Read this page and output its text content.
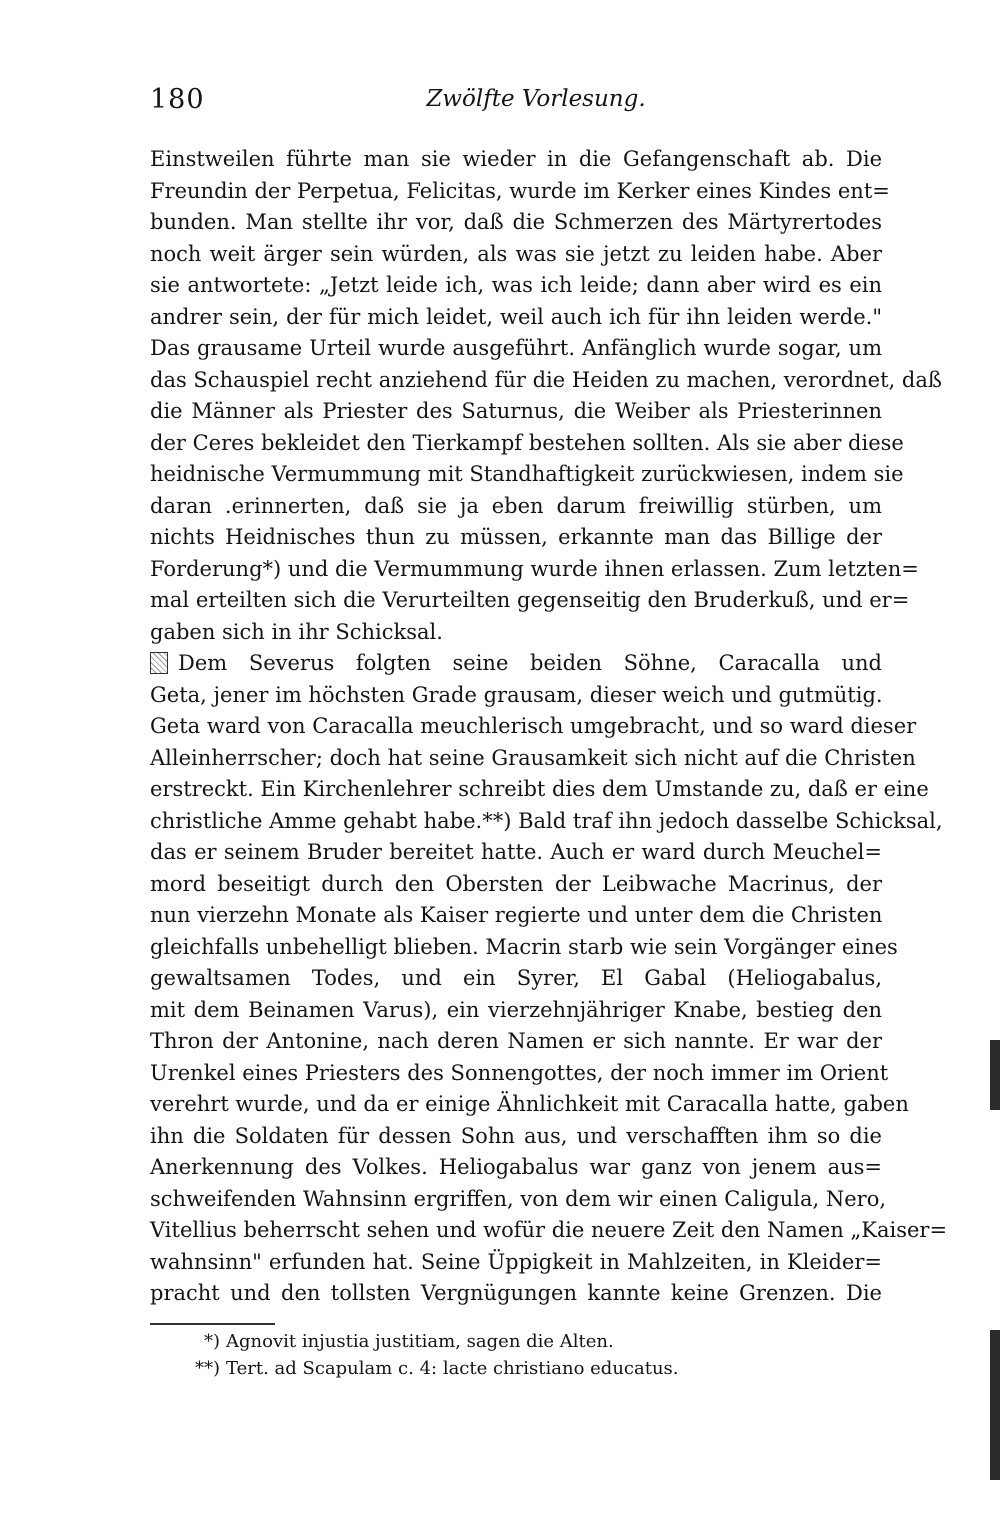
180	Zwölfte Vorlesung.
Einstweilen führte man sie wieder in die Gefangenschaft ab. Die
Freundin der Perpetua, Felicitas, wurde im Kerker eines Kindes ent=
bunden. Man stellte ihr vor, daß die Schmerzen des Märtyrertodes
noch weit ärger sein würden, als was sie jetzt zu leiden habe. Aber
sie antwortete: „Jetzt leide ich, was ich leide; dann aber wird es ein
andrer sein, der für mich leidet, weil auch ich für ihn leiden werde."
Das grausame Urteil wurde ausgeführt. Anfänglich wurde sogar, um
das Schauspiel recht anziehend für die Heiden zu machen, verordnet, daß
die Männer als Priester des Saturnus, die Weiber als Priesterinnen
der Ceres bekleidet den Tierkampf bestehen sollten. Als sie aber diese
heidnische Vermummung mit Standhaftigkeit zurückwiesen, indem sie
daran .erinnerten, daß sie ja eben darum freiwillig stürben, um
nichts Heidnisches thun zu müssen, erkannte man das Billige der
Forderung*) und die Vermummung wurde ihnen erlassen. Zum letzten=
mal erteilten sich die Verurteilten gegenseitig den Bruderkuß, und er=
gaben sich in ihr Schicksal.
Dem Severus folgten seine beiden Söhne, Caracalla und
Geta, jener im höchsten Grade grausam, dieser weich und gutmütig.
Geta ward von Caracalla meuchlerisch umgebracht, und so ward dieser
Alleinherrscher; doch hat seine Grausamkeit sich nicht auf die Christen
erstreckt. Ein Kirchenlehrer schreibt dies dem Umstande zu, daß er eine
christliche Amme gehabt habe.**) Bald traf ihn jedoch dasselbe Schicksal,
das er seinem Bruder bereitet hatte. Auch er ward durch Meuchel=
mord beseitigt durch den Obersten der Leibwache Macrinus, der
nun vierzehn Monate als Kaiser regierte und unter dem die Christen
gleichfalls unbehelligt blieben. Macrin starb wie sein Vorgänger eines
gewaltsamen Todes, und ein Syrer, El Gabal (Heliogabalus,
mit dem Beinamen Varus), ein vierzehnjähriger Knabe, bestieg den
Thron der Antonine, nach deren Namen er sich nannte. Er war der
Urenkel eines Priesters des Sonnengottes, der noch immer im Orient
verehrt wurde, und da er einige Ähnlichkeit mit Caracalla hatte, gaben
ihn die Soldaten für dessen Sohn aus, und verschafften ihm so die
Anerkennung des Volkes. Heliogabalus war ganz von jenem aus=
schweifenden Wahnsinn ergriffen, von dem wir einen Caligula, Nero,
Vitellius beherrscht sehen und wofür die neuere Zeit den Namen „Kaiser=
wahnsinn" erfunden hat. Seine Üppigkeit in Mahlzeiten, in Kleider=
pracht und den tollsten Vergnügungen kannte keine Grenzen. Die
*) Agnovit injustia justitiam, sagen die Alten.
**) Tert. ad Scapulam c. 4: lacte christiano educatus.
